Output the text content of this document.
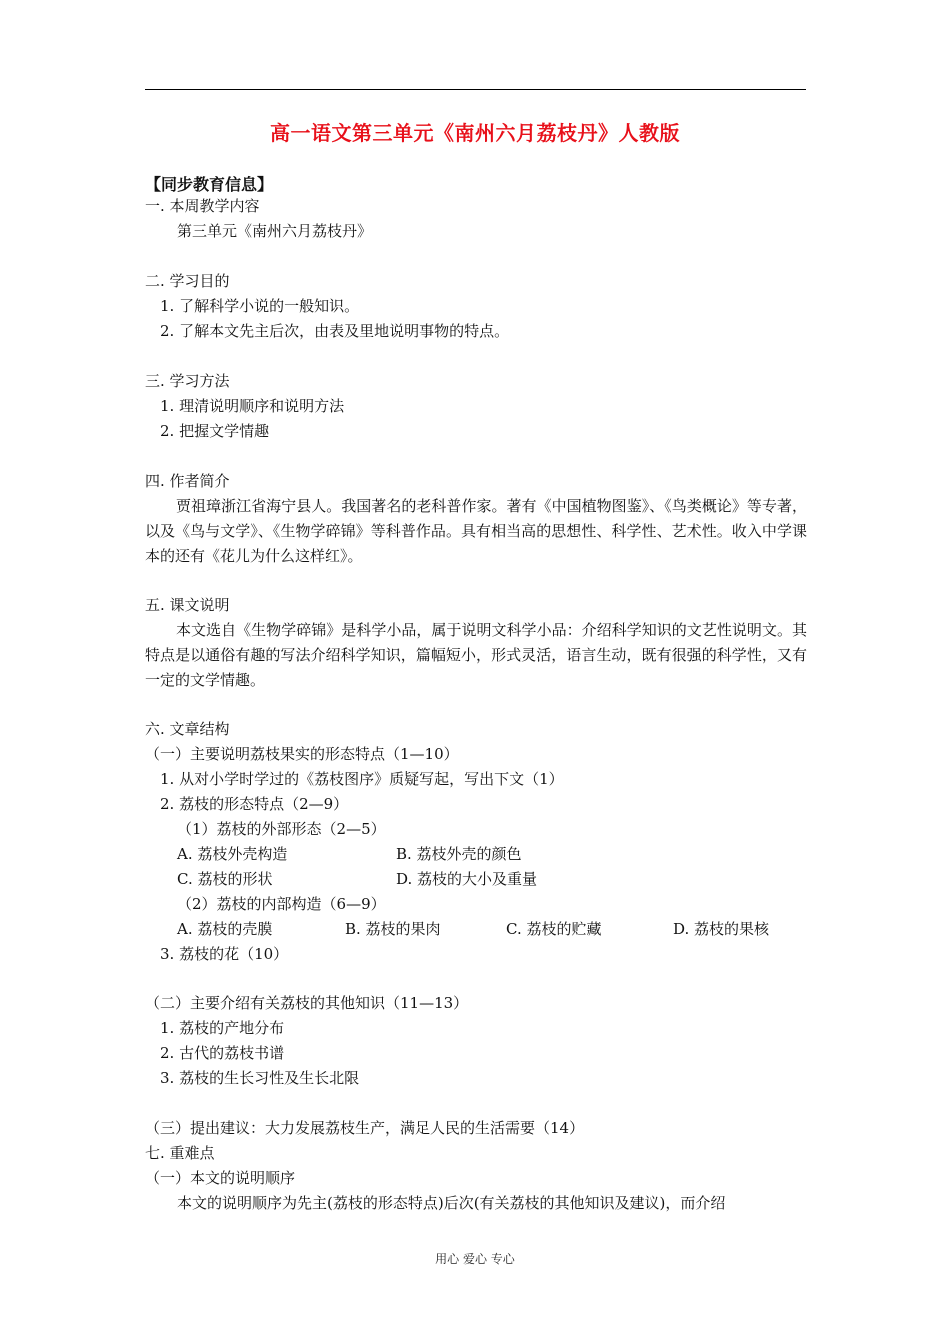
高一语文第三单元《南州六月荔枝丹》人教版
【同步教育信息】
一. 本周教学内容
第三单元《南州六月荔枝丹》
二. 学习目的
1. 了解科学小说的一般知识。
2. 了解本文先主后次，由表及里地说明事物的特点。
三. 学习方法
1. 理清说明顺序和说明方法
2. 把握文学情趣
四. 作者简介
贾祖璋浙江省海宁县人。我国著名的老科普作家。著有《中国植物图鉴》、《鸟类概论》等专著，以及《鸟与文学》、《生物学碎锦》等科普作品。具有相当高的思想性、科学性、艺术性。收入中学课本的还有《花儿为什么这样红》。
五. 课文说明
本文选自《生物学碎锦》是科学小品，属于说明文科学小品：介绍科学知识的文艺性说明文。其特点是以通俗有趣的写法介绍科学知识，篇幅短小，形式灵活，语言生动，既有很强的科学性，又有一定的文学情趣。
六. 文章结构
（一）主要说明荔枝果实的形态特点（1—10）
1. 从对小学时学过的《荔枝图序》质疑写起，写出下文（1）
2. 荔枝的形态特点（2—9）
（1）荔枝的外部形态（2—5）
A. 荔枝外壳构造	B. 荔枝外壳的颜色
C. 荔枝的形状	D. 荔枝的大小及重量
（2）荔枝的内部构造（6—9）
A. 荔枝的壳膜	B. 荔枝的果肉	C. 荔枝的贮藏	D. 荔枝的果核
3. 荔枝的花（10）
（二）主要介绍有关荔枝的其他知识（11—13）
1. 荔枝的产地分布
2. 古代的荔枝书谱
3. 荔枝的生长习性及生长北限
（三）提出建议：大力发展荔枝生产，满足人民的生活需要（14）
七. 重难点
（一）本文的说明顺序
本文的说明顺序为先主(荔枝的形态特点)后次(有关荔枝的其他知识及建议)，而介绍
用心 爱心 专心
